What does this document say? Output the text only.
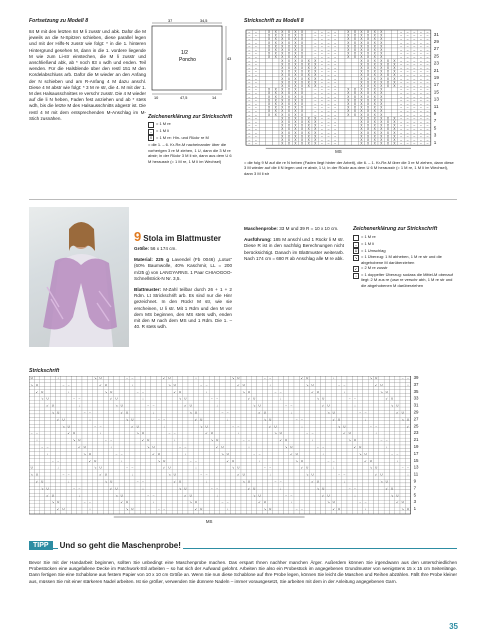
Fortsetzung zu Modell 8
84 M mit den letzten 84 M li zusstr und abk. Dafür die M jeweils an die N-Spitzen schieben, diese parallel legen und mit der Hilfs-N zusstr wie folgt: * in die 1. hinteren Hintergrund gesehen M, dann in die 1. vordere liegende M wie zum Li-str einstechen, die M li zusstr und anschließend abk, ab * noch 83 x wdh und enden. Teil wenden. Für die Halsblende über den restl 151 M den Kordelabschluss arb. Dafür die M wieder an den Anfang der N schieben und am R-Anfang 4 M dazu anschl. Diese 4 M abstr wie folgt: * 3 M re str, die 4. M mit der 1. M des Halsausschnittes re verschr zusstr. Die 4 M wieder auf die li N heben, Faden fest anziehen und ab * stets wdh, bis die letzte M des Halsausschnitts abgestr ist. Die restl 4 M mit dem entsprechenden M-Anschlag im M-Stich zusnähen.
37	34,5
43
10	47,5	14
1/2
Poncho
Zeichenerklärung zur Strickschrift
= 1 M re
–	= 1 M li
X = 1 M re: Hin- und Rückr re M
= die 1. – 6. Kr-Re-M nacheinander über die vorherigen 3 re M ziehen, 1 U, dann die 3 M re abstr; in der Rückr 3 M li str, dann aus dem U 6 M herausstr (= 1 M re, 1 M li im Wechsel)
Strickschrift zu Modell 8
– –	X X X X X X	– – – –	X X X X X X	– – – – –
– –	X X X X X X	– – – –	X X X X X X	– – – – –
– –	X X X X X X	– – – –	X X X X X X	– – – – –
– –	X X X X X X	– – – –	X X X X X X	– – – – –
– –	X X X X X X	– – – –	X X X X X X	– – – – –
– –	X X X X X X	– – – –	X X X X X X	– – – – –
– –	X X X X X X	– – – –	X X X X X X	– – – – –
– –	X X X X X X	– – – –	X X X X X X	– – – – –
– –	X X X X X X – – –	X X X X X X – – – – –
– –	X X X X X X – – –	X X X X X X – – – – –
– –	X X X X X X – – –	X X X X X X – – – – –
– –	X X X X X X – – –	X X X X X X – – – – –
– –	X X X X X X – – –	X X X X X X – – – – –
– –	X X X X X X – – –	X X X X X X – – – – –
– –	X X X X X X – – –	X X X X X X – – – – –
– –	X X X X X X – – –	X X X X X X – – – – –
– –	X X X X X X	– – – –	X X X X X X	– – – – –
– –	X X X X X X	– – – –	X X X X X X	– – – – –
– –	X X X X X X	– – – –	X X X X X X	– – – – –
– –	X X X X X X	– – – –	X X X X X X	– – – – –
– –	X X X X X X	– – – –	X X X X X X	– – – – –
– –	X X X X X X	– – – –	X X X X X X	– – – – –
– –	X X X X X X	– – – –	X X X X X X	– – – – –
– –	X X X X X X	– – – –	X X X X X X	– – – – –
– –	X X X X X X – – –	X X X X X X – – – – –
– –	X X X X X X – – –	X X X X X X – – – – –
– –	X X X X X X – – –	X X X X X X – – – – –
– –	X X X X X X – – –	X X X X X X – – – – –
– –	X X X X X X – – –	X X X X X X – – – – –
– –	X X X X X X – – –	X X X X X X – – – – –
– –	X X X X X X – – –	X X X X X X – – – – –
– –	X X X X X X – – –	X X X X X X – – – – –
31
29
27
25
23
21
19
17
15
13
11
9
7
5
3
1
MS
= die folg 9 M auf die re N heben (Faden liegt hinter der Arbeit), die 6. – 1. Kr-Re-M über die 3 re M ziehen, dann diese 3 M wieder auf die li N legen und re abstr, 1 U; in der Rückr aus dem U 6 M herausstr (= 1 M re, 1 M li im Wechsel), dann 3 M li str
9 Stola im Blattmuster
Größe: 56 x 174 cm.
Material: 225 g Lavendel (Fb 0046) „Lotus“ (60% Baumwolle, 40% Kaschmir, LL = 200 m/25 g) von LANGYARNS. 1 Paar CHIAOGOO-Schnellstrick-N Nr. 3,5.
Blattmuster: M-Zahl teilbar durch 26 + 1 + 2 Rdm. Lt Strickschrift arb. Es sind nur die Hinr gezeichnet. In den Rückr M str, wie sie erscheinen, U li str. Mit 1 Rdm und den M vor dem MS beginnen, den MS stets wdh, enden mit den M nach dem MS und 1 Rdm. Die 1. – 40. R stets wdh.
Maschenprobe: 33 M und 39 R = 10 x 10 cm.
Ausführung: 185 M anschl und 1 Rückr li M str. Diese R ist in den nachfolg Berechnungen nicht berücksichtigt. Danach im Blattmuster weiterarb. Nach 174 cm = 680 R ab Anschlag alle M re abk.
Zeichenerklärung zur Strickschrift
= 1 M re
–	= 1 M li
U = 1 Umschlag
↘ = 1 Überzug: 1 M abheben, 1 M re str und die abgehobene M darüberziehen
↙ = 2 M re zusstr
↓	= 1 doppelter Überzug: sodass die Mittel-M obenauf liegt: 2 M zus re (usw re verschr abh, 1 M re str und die abgehobenen M darüberziehen
Strickschrift
U	↓	↘ U	– –	↙ U	↓	↘ U	– –	↙ U	↓	↘ U	– –
↘ U	– –	↙ U	↓	↘ U	– –	↙ U	↓	↘ U	– –	↙ U	↓
↙ U	↓	↘ U	– –	↙ U	↓	↘ U	– –	↙ U	↓	↘ U
↘ U	– –	↙ U	↓	↘ U	– –	↙ U	↓	↘ U	– –	↙ U
↙ U	↓	↘ U	– –	↙ U	↓	↘ U	– –	↙ U	↓	↘ U
↘ U	– –	↙ U	↓	↘ U	– –	↙ U	↓	↘ U	– –	↙ U
↙ U	↓	↘ U	– –	↙ U	↓	↘ U	– –	↙ U	↓	↘ U
↘ U	– –	↙ U	↓	↘ U	– –	↙ U	↓	↘ U	– –	↙
– –	↙ U	↓	↘ U	– –	↙ U	↓	↘ U	– –	↙ U	↓
↓	↘ U	– –	↙ U	↓	↘ U	– –	↙ U	↓	↘ U	– –
– –	↙ U	↓	↘ U	– –	↙ U	↓	↘ U	– –	↙ U	↓
↓	↘ U	– –	↙ U	↓	↘ U	– –	↙ U	↓	↘ U	– –
– –	↙ U	↓	↘ U	– –	↙ U	↓	↘ U	– –	↙ U	↓
U	↓	↘ U	– –	↙ U	↓	↘ U	– –	↙ U	↓	↘ U	– –
↘ U	– –	↙ U	↓	↘ U	– –	↙ U	↓	↘ U	– –	↙ U	↓
↙ U	↓	↘ U	– –	↙ U	↓	↘ U	– –	↙ U	↓	↘ U
↘ U	– –	↙ U	↓	↘ U	– –	↙ U	↓	↘ U	– –	↙ U
↙ U	↓	↘ U	– –	↙ U	↓	↘ U	– –	↙ U	↓	↘ U
↘ U	– –	↙ U	↓	↘ U	– –	↙ U	↓	↘ U	– –	↙ U
↙ U	↓	↘ U	– –	↙ U	↓	↘ U	– –	↙ U	↓	↘ U
39
37
35
33
31
29
27
25
23
21
19
17
15
13
11
9
7
5
3
1
MS
TIPP	Und so geht die Maschenprobe!
Bevor Sie mit der Handarbeit beginnen, sollten Sie unbedingt eine Maschenprobe machen. Das erspart Ihnen nachher manchen Ärger. Außerdem können Sie irgendwann aus den unterschiedlichen Probestücken eine ausgefallene Decke im Patchwork-Stil arbeiten – so hat sich der Aufwand gelohnt. Arbeiten Sie also ein Probestück im angegebenen Grundmuster von wenigstens 15 x 15 cm Seitenlänge. Dann fertigen Sie eine Schablone aus festem Papier von 10 x 10 cm Größe an. Wenn Sie nun diese Schablone auf Ihre Probe legen, können Sie leicht die Maschen und Reihen abzählen. Fällt Ihre Probe kleiner aus, müssen Sie mit einer stärkeren Nadel arbeiten. Ist sie größer, verwenden Sie dünnere Nadeln – immer vorausgesetzt, Sie arbeiten mit dem in der Anleitung angegebenen Garn.
35
